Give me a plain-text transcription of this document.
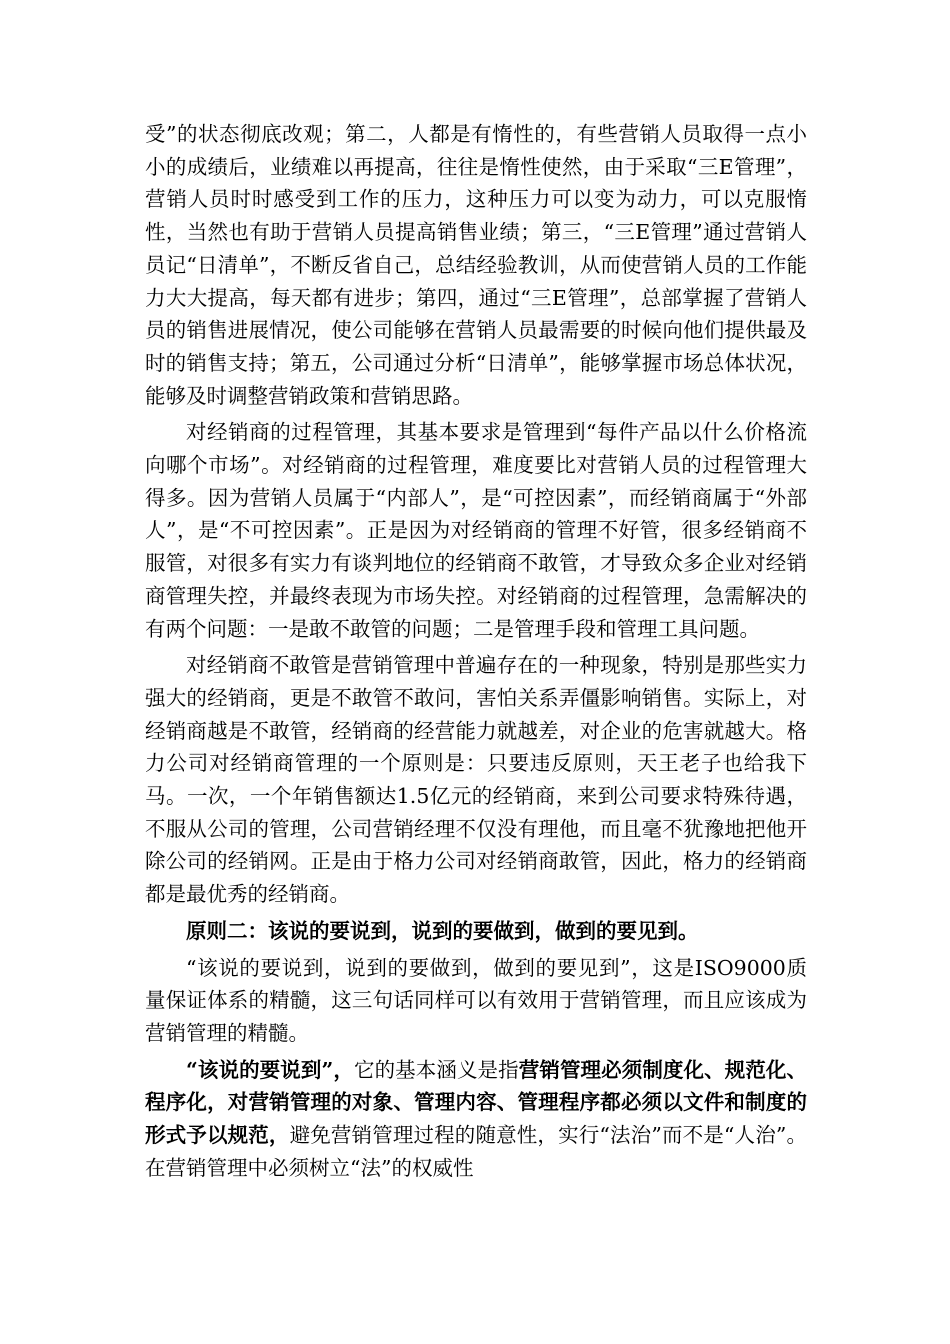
受”的状态彻底改观；第二，人都是有惰性的，有些营销人员取得一点小小的成绩后，业绩难以再提高，往往是惰性使然，由于采取“三E管理”，营销人员时时感受到工作的压力，这种压力可以变为动力，可以克服惰性，当然也有助于营销人员提高销售业绩；第三，“三E管理”通过营销人员记“日清单”，不断反省自己，总结经验教训，从而使营销人员的工作能力大大提高，每天都有进步；第四，通过“三E管理”，总部掌握了营销人员的销售进展情况，使公司能够在营销人员最需要的时候向他们提供最及时的销售支持；第五，公司通过分析“日清单”，能够掌握市场总体状况，能够及时调整营销政策和营销思路。

对经销商的过程管理，其基本要求是管理到“每件产品以什么价格流向哪个市场”。对经销商的过程管理，难度要比对营销人员的过程管理大得多。因为营销人员属于“内部人”，是“可控因素”，而经销商属于“外部人”，是“不可控因素”。正是因为对经销商的管理不好管，很多经销商不服管，对很多有实力有谈判地位的经销商不敢管，才导致众多企业对经销商管理失控，并最终表现为市场失控。对经销商的过程管理，急需解决的有两个问题：一是敢不敢管的问题；二是管理手段和管理工具问题。

对经销商不敢管是营销管理中普遍存在的一种现象，特别是那些实力强大的经销商，更是不敢管不敢问，害怕关系弄僵影响销售。实际上，对经销商越是不敢管，经销商的经营能力就越差，对企业的危害就越大。格力公司对经销商管理的一个原则是：只要违反原则，天王老子也给我下马。一次，一个年销售额达1.5亿元的经销商，来到公司要求特殊待遇，不服从公司的管理，公司营销经理不仅没有理他，而且毫不犹豫地把他开除公司的经销网。正是由于格力公司对经销商敢管，因此，格力的经销商都是最优秀的经销商。

原则二：该说的要说到，说到的要做到，做到的要见到。

“该说的要说到，说到的要做到，做到的要见到”，这是ISO9000质量保证体系的精髓，这三句话同样可以有效用于营销管理，而且应该成为营销管理的精髓。

“该说的要说到”，它的基本涵义是指营销管理必须制度化、规范化、程序化，对营销管理的对象、管理内容、管理程序都必须以文件和制度的形式予以规范，避免营销管理过程的随意性，实行“法治”而不是“人治”。在营销管理中必须树立“法”的权威性
